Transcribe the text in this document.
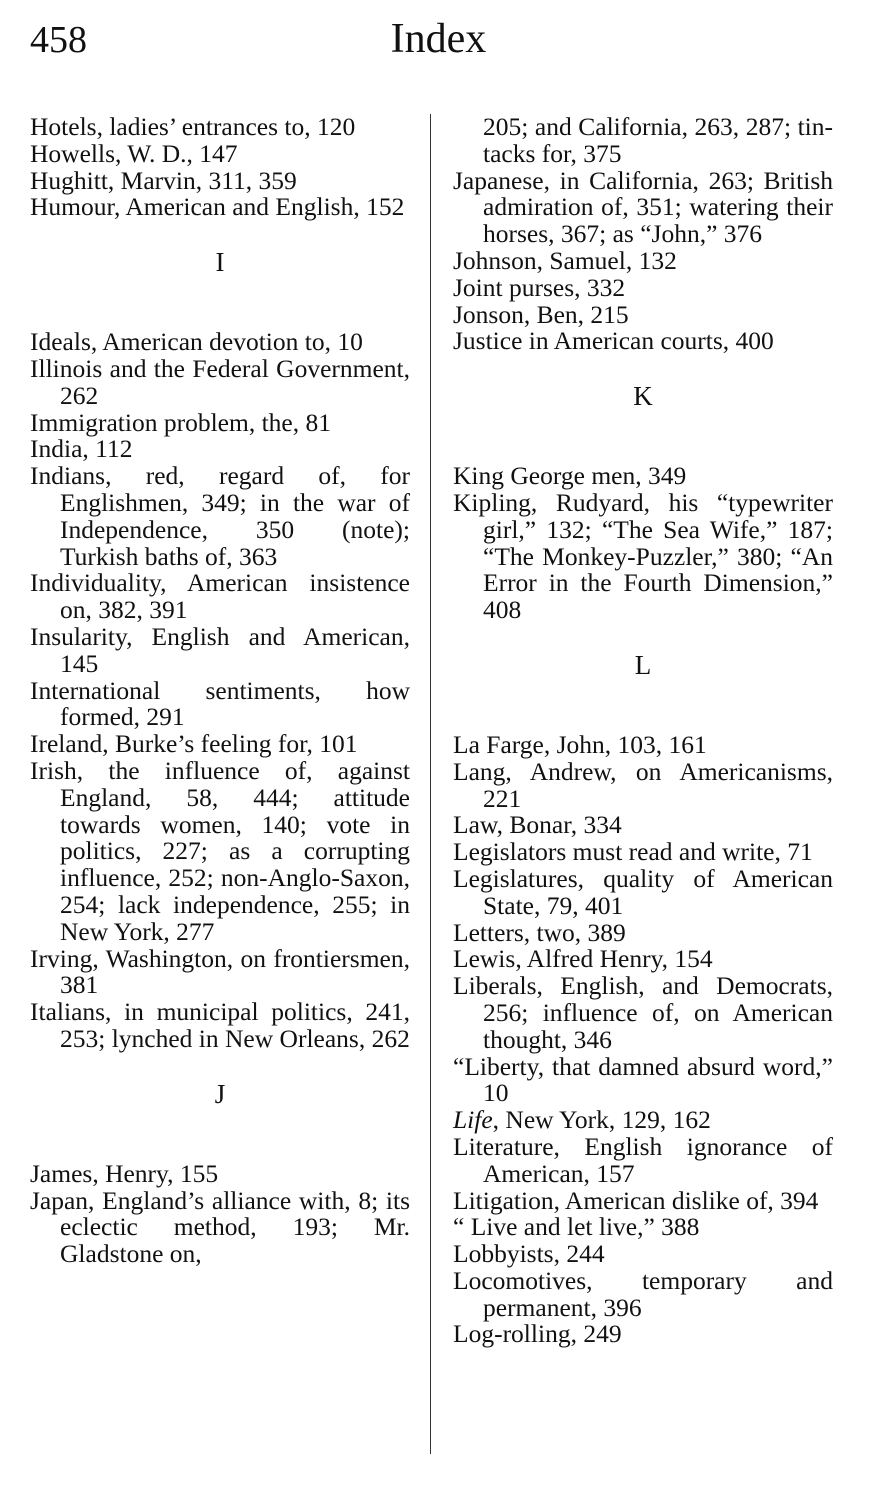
458	Index
Hotels, ladies’ entrances to, 120
Howells, W. D., 147
Hughitt, Marvin, 311, 359
Humour, American and English, 152
I
Ideals, American devotion to, 10
Illinois and the Federal Government, 262
Immigration problem, the, 81
India, 112
Indians, red, regard of, for Englishmen, 349; in the war of Independence, 350 (note); Turkish baths of, 363
Individuality, American insistence on, 382, 391
Insularity, English and American, 145
International sentiments, how formed, 291
Ireland, Burke’s feeling for, 101
Irish, the influence of, against England, 58, 444; attitude towards women, 140; vote in politics, 227; as a corrupting influence, 252; non-Anglo-Saxon, 254; lack independence, 255; in New York, 277
Irving, Washington, on frontiersmen, 381
Italians, in municipal politics, 241, 253; lynched in New Orleans, 262
J
James, Henry, 155
Japan, England’s alliance with, 8; its eclectic method, 193; Mr. Gladstone on,
205; and California, 263, 287; tin-tacks for, 375
Japanese, in California, 263; British admiration of, 351; watering their horses, 367; as “John,” 376
Johnson, Samuel, 132
Joint purses, 332
Jonson, Ben, 215
Justice in American courts, 400
K
King George men, 349
Kipling, Rudyard, his “typewriter girl,” 132; “The Sea Wife,” 187; “The Monkey-Puzzler,” 380; “An Error in the Fourth Dimension,” 408
L
La Farge, John, 103, 161
Lang, Andrew, on Americanisms, 221
Law, Bonar, 334
Legislators must read and write, 71
Legislatures, quality of American State, 79, 401
Letters, two, 389
Lewis, Alfred Henry, 154
Liberals, English, and Democrats, 256; influence of, on American thought, 346
“Liberty, that damned absurd word,” 10
Life, New York, 129, 162
Literature, English ignorance of American, 157
Litigation, American dislike of, 394
“ Live and let live,” 388
Lobbyists, 244
Locomotives, temporary and permanent, 396
Log-rolling, 249
